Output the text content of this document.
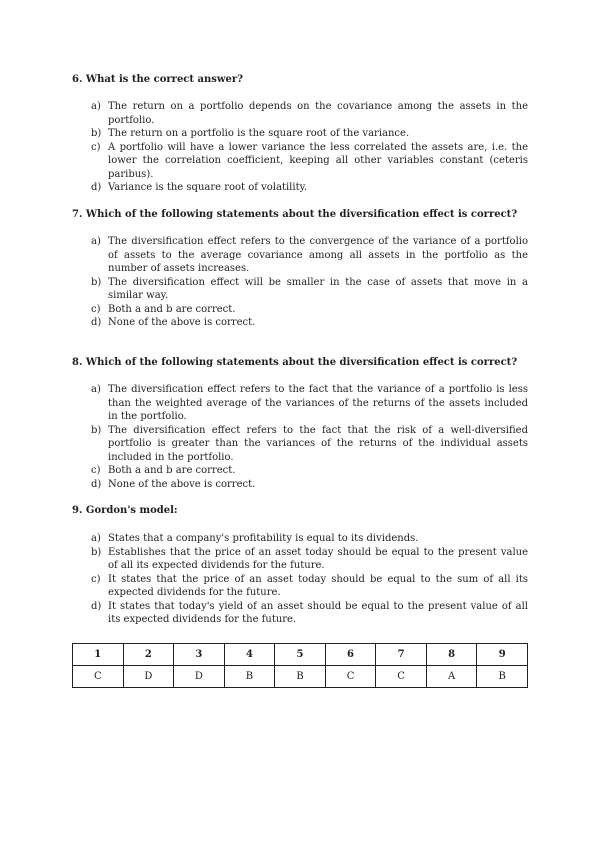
6. What is the correct answer?
a) The return on a portfolio depends on the covariance among the assets in the portfolio.
b) The return on a portfolio is the square root of the variance.
c) A portfolio will have a lower variance the less correlated the assets are, i.e. the lower the correlation coefficient, keeping all other variables constant (ceteris paribus).
d) Variance is the square root of volatility.
7. Which of the following statements about the diversification effect is correct?
a) The diversification effect refers to the convergence of the variance of a portfolio of assets to the average covariance among all assets in the portfolio as the number of assets increases.
b) The diversification effect will be smaller in the case of assets that move in a similar way.
c) Both a and b are correct.
d) None of the above is correct.
8. Which of the following statements about the diversification effect is correct?
a) The diversification effect refers to the fact that the variance of a portfolio is less than the weighted average of the variances of the returns of the assets included in the portfolio.
b) The diversification effect refers to the fact that the risk of a well-diversified portfolio is greater than the variances of the returns of the individual assets included in the portfolio.
c) Both a and b are correct.
d) None of the above is correct.
9. Gordon's model:
a) States that a company's profitability is equal to its dividends.
b) Establishes that the price of an asset today should be equal to the present value of all its expected dividends for the future.
c) It states that the price of an asset today should be equal to the sum of all its expected dividends for the future.
d) It states that today's yield of an asset should be equal to the present value of all its expected dividends for the future.
1	2	3	4	5	6	7	8	9
C	D	D	B	B	C	C	A	B
